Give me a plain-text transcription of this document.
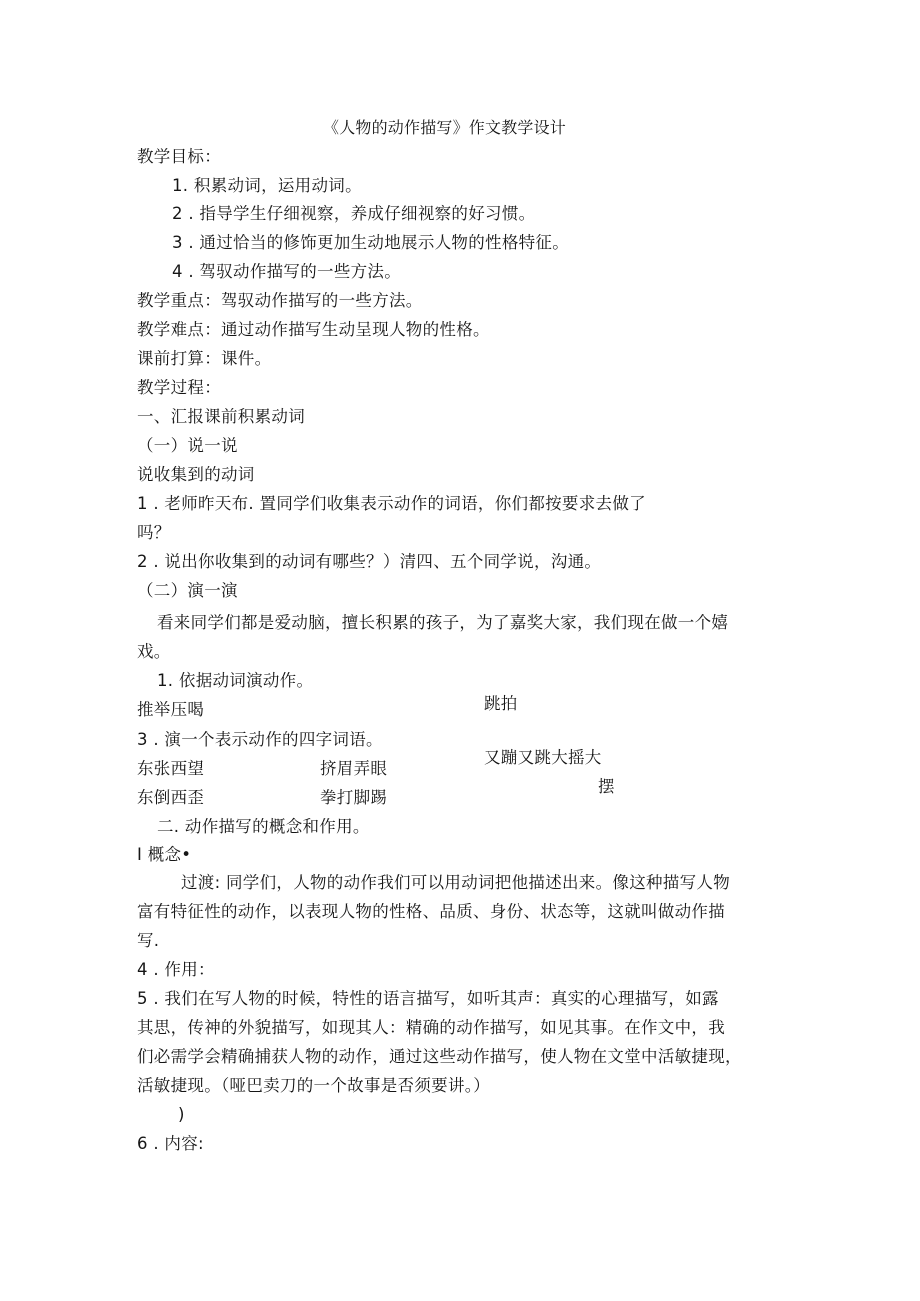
《人物的动作描写》作文教学设计

教学目标：

1. 积累动词，运用动词。

2 . 指导学生仔细视察，养成仔细视察的好习惯。

3 . 通过恰当的修饰更加生动地展示人物的性格特征。

4 . 驾驭动作描写的一些方法。

教学重点：驾驭动作描写的一些方法。

教学难点：通过动作描写生动呈现人物的性格。

课前打算：课件。

教学过程：

一、汇报课前积累动词

（一）说一说

说收集到的动词

1 . 老师昨天布. 置同学们收集表示动作的词语，你们都按要求去做了

吗？

2 . 说出你收集到的动词有哪些？）清四、五个同学说，沟通。

（二）演一演

看来同学们都是爱动脑，擅长积累的孩子，为了嘉奖大家，我们现在做一个嬉

戏。

1. 依据动词演动作。

推举压喝	跳拍

3 . 演一个表示动作的四字词语。

又蹦又跳大摇大

东张西望	挤眉弄眼

摆

东倒西歪	拳打脚踢

二. 动作描写的概念和作用。

I 概念•

过渡: 同学们，人物的动作我们可以用动词把他描述出来。像这种描写人物

富有特征性的动作，以表现人物的性格、品质、身份、状态等，这就叫做动作描

写.

4 . 作用：

5 . 我们在写人物的时候，特性的语言描写，如听其声：真实的心理描写，如露

其思，传神的外貌描写，如现其人：精确的动作描写，如见其事。在作文中，我

们必需学会精确捕获人物的动作，通过这些动作描写，使人物在文堂中活敏捷现，

活敏捷现。（哑巴卖刀的一个故事是否须要讲。）

)

6 . 内容:
